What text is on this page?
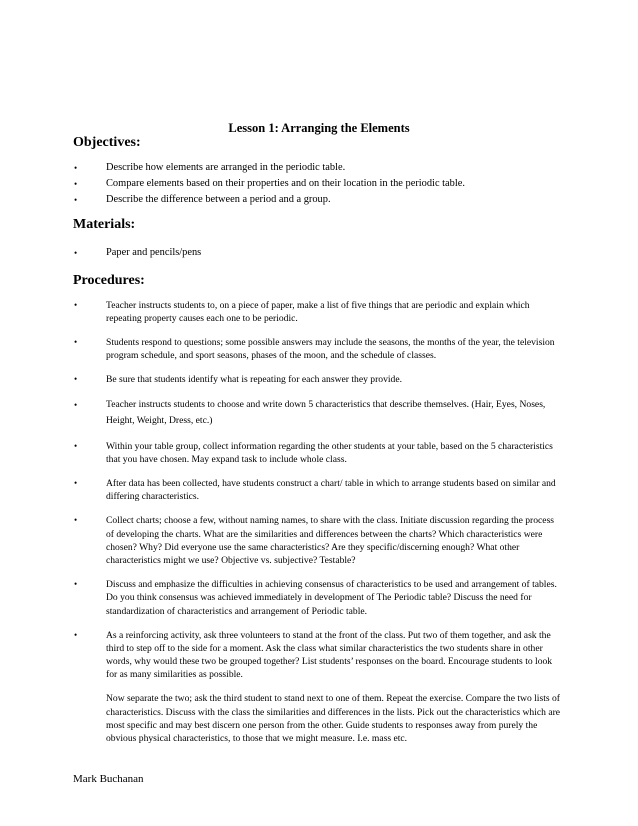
Lesson 1: Arranging the Elements
Objectives:
•	Describe how elements are arranged in the periodic table.
•	Compare elements based on their properties and on their location in the periodic table.
•	Describe the difference between a period and a group.
Materials:
•	Paper and pencils/pens
Procedures:
•	Teacher instructs students to, on a piece of paper, make a list of five things that are periodic and explain which repeating property causes each one to be periodic.

•	Students respond to questions; some possible answers may include the seasons, the months of the year, the television program schedule, and sport seasons, phases of the moon, and the schedule of classes.

•	Be sure that students identify what is repeating for each answer they provide.

•	Teacher instructs students to choose and write down 5 characteristics that describe themselves. (Hair, Eyes, Noses, Height, Weight, Dress, etc.)

•	Within your table group, collect information regarding the other students at your table, based on the 5 characteristics that you have chosen. May expand task to include whole class.

•	After data has been collected, have students construct a chart/ table in which to arrange students based on similar and differing characteristics.

•	Collect charts; choose a few, without naming names, to share with the class. Initiate discussion regarding the process of developing the charts. What are the similarities and differences between the charts? Which characteristics were chosen? Why? Did everyone use the same characteristics? Are they specific/discerning enough? What other characteristics might we use? Objective vs. subjective? Testable?

•	Discuss and emphasize the difficulties in achieving consensus of characteristics to be used and arrangement of tables. Do you think consensus was achieved immediately in development of The Periodic table? Discuss the need for standardization of characteristics and arrangement of Periodic table.

•	As a reinforcing activity, ask three volunteers to stand at the front of the class. Put two of them together, and ask the third to step off to the side for a moment. Ask the class what similar characteristics the two students share in other words, why would these two be grouped together? List students’ responses on the board. Encourage students to look for as many similarities as possible.

Now separate the two; ask the third student to stand next to one of them. Repeat the exercise. Compare the two lists of characteristics. Discuss with the class the similarities and differences in the lists. Pick out the characteristics which are most specific and may best discern one person from the other. Guide students to responses away from purely the obvious physical characteristics, to those that we might measure. I.e. mass etc.

Mark Buchanan
